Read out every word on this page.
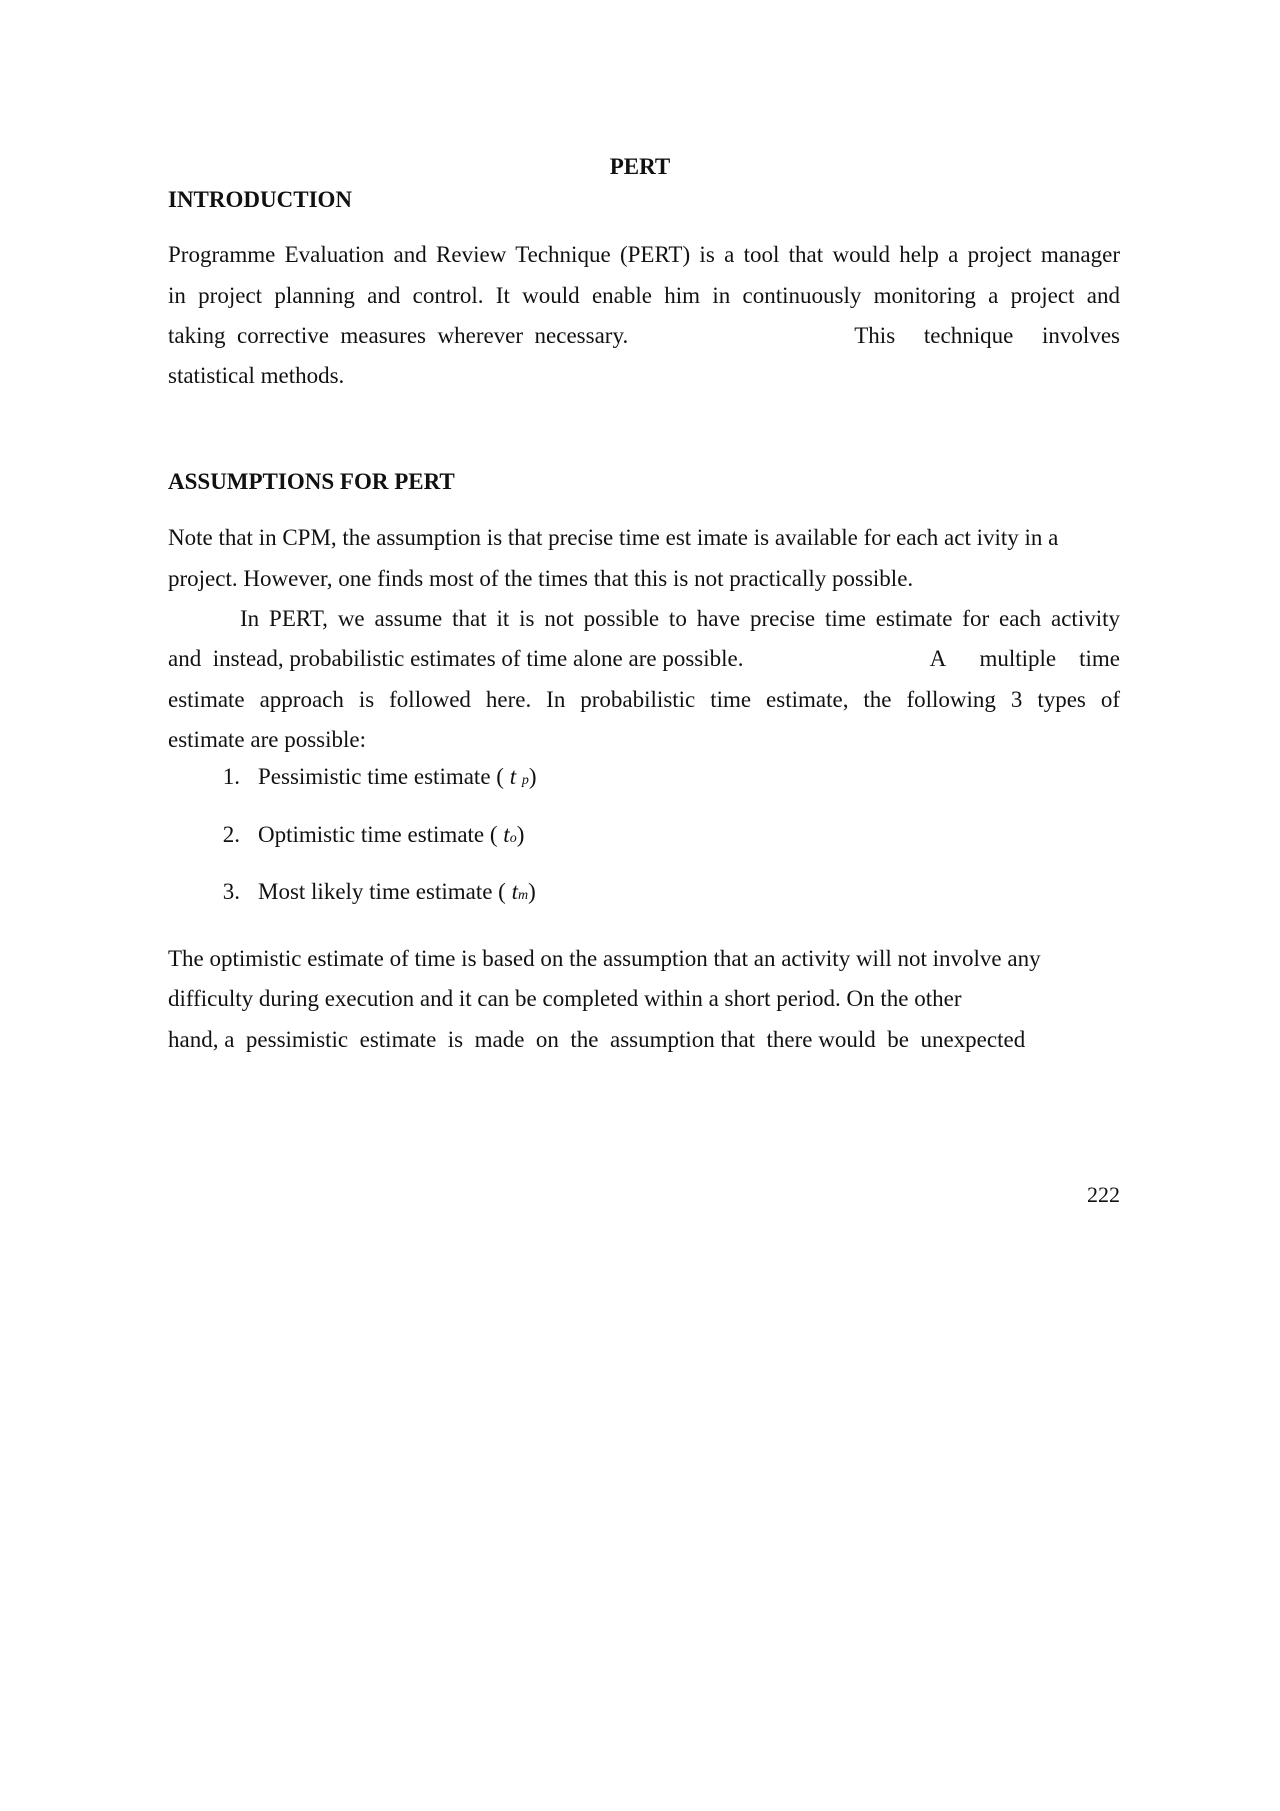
PERT
INTRODUCTION

Programme Evaluation and Review Technique (PERT) is a tool that would help a project manager

in project planning and control. It would enable him in continuously monitoring a project and

taking  corrective  measures  wherever  necessary.	This     technique     involves

statistical methods.

ASSUMPTIONS FOR PERT

Note that in CPM, the assumption is that precise time est imate is available for each act ivity in a

project. However, one finds most of the times that this is not practically possible.

In PERT, we assume that it is not possible to have precise time estimate for each activity
and  instead, probabilistic estimates of time alone are possible.	A      multiple    time
estimate approach is followed here. In probabilistic time estimate, the following 3 types of

estimate are possible:

1. Pessimistic time estimate ( t p)
2. Optimistic time estimate ( to)
3. Most likely time estimate ( tm)

The optimistic estimate of time is based on the assumption that an activity will not involve any

difficulty during execution and it can be completed within a short period. On the other

hand, a  pessimistic  estimate  is  made  on  the  assumption that  there would  be  unexpected

222
